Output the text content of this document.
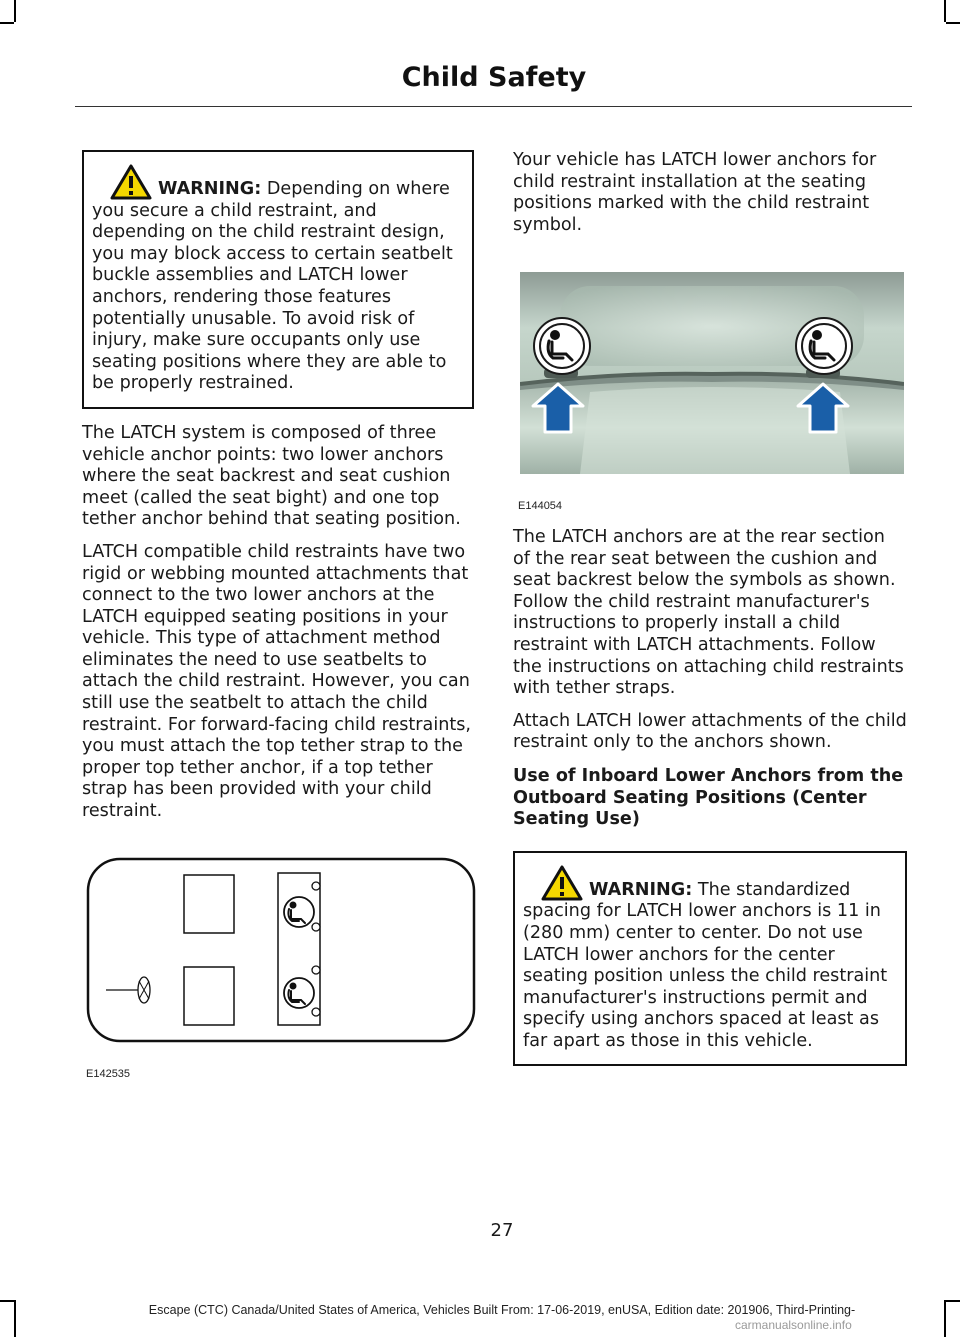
Child Safety
WARNING: Depending on where you secure a child restraint, and depending on the child restraint design, you may block access to certain seatbelt buckle assemblies and LATCH lower anchors, rendering those features potentially unusable. To avoid risk of injury, make sure occupants only use seating positions where they are able to be properly restrained.

The LATCH system is composed of three vehicle anchor points: two lower anchors where the seat backrest and seat cushion meet (called the seat bight) and one top tether anchor behind that seating position.

LATCH compatible child restraints have two rigid or webbing mounted attachments that connect to the two lower anchors at the LATCH equipped seating positions in your vehicle. This type of attachment method eliminates the need to use seatbelts to attach the child restraint. However, you can still use the seatbelt to attach the child restraint. For forward-facing child restraints, you must attach the top tether strap to the proper top tether anchor, if a top tether strap has been provided with your child restraint.

E142535

Your vehicle has LATCH lower anchors for child restraint installation at the seating positions marked with the child restraint symbol.

E144054

The LATCH anchors are at the rear section of the rear seat between the cushion and seat backrest below the symbols as shown. Follow the child restraint manufacturer's instructions to properly install a child restraint with LATCH attachments. Follow the instructions on attaching child restraints with tether straps.

Attach LATCH lower attachments of the child restraint only to the anchors shown.

Use of Inboard Lower Anchors from the Outboard Seating Positions (Center Seating Use)
WARNING: The standardized spacing for LATCH lower anchors is 11 in (280 mm) center to center. Do not use LATCH lower anchors for the center seating position unless the child restraint manufacturer's instructions permit and specify using anchors spaced at least as far apart as those in this vehicle.
27
Escape (CTC) Canada/United States of America, Vehicles Built From: 17-06-2019, enUSA, Edition date: 201906, Third-Printing-
carmanualsonline.info
